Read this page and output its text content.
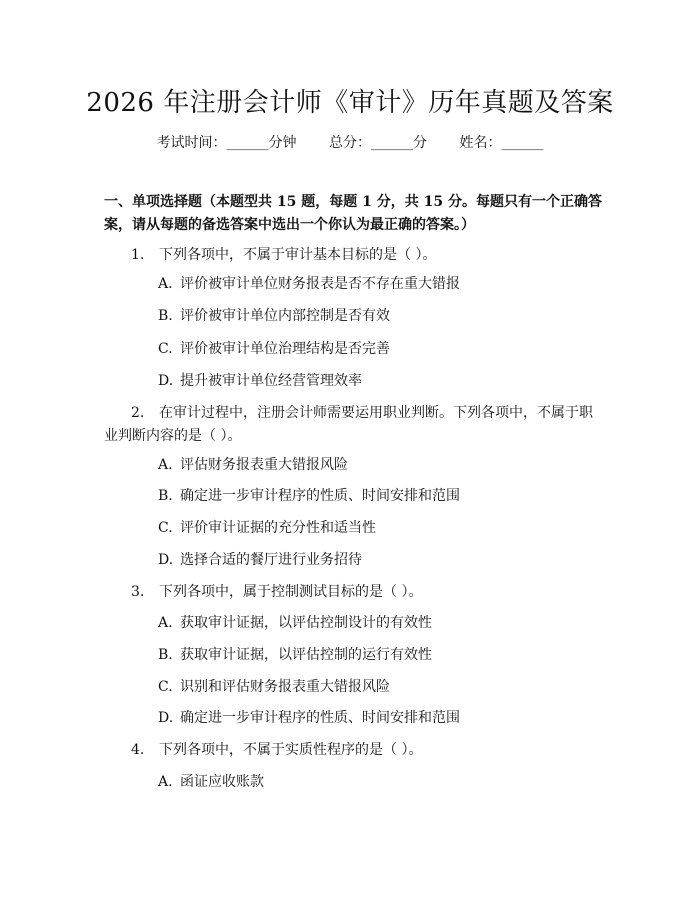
2026 年注册会计师《审计》历年真题及答案
考试时间：______分钟 总分：______分 姓名：______

一、单项选择题（本题型共 15 题，每题 1 分，共 15 分。每题只有一个正确答案，请从每题的备选答案中选出一个你认为最正确的答案。）

1. 下列各项中，不属于审计基本目标的是（ ）。

A. 评价被审计单位财务报表是否不存在重大错报

B. 评价被审计单位内部控制是否有效

C. 评价被审计单位治理结构是否完善

D. 提升被审计单位经营管理效率

2. 在审计过程中，注册会计师需要运用职业判断。下列各项中，不属于职业判断内容的是（ ）。

A. 评估财务报表重大错报风险

B. 确定进一步审计程序的性质、时间安排和范围

C. 评价审计证据的充分性和适当性

D. 选择合适的餐厅进行业务招待

3. 下列各项中，属于控制测试目标的是（ ）。

A. 获取审计证据，以评估控制设计的有效性

B. 获取审计证据，以评估控制的运行有效性

C. 识别和评估财务报表重大错报风险

D. 确定进一步审计程序的性质、时间安排和范围

4. 下列各项中，不属于实质性程序的是（ ）。

A. 函证应收账款
